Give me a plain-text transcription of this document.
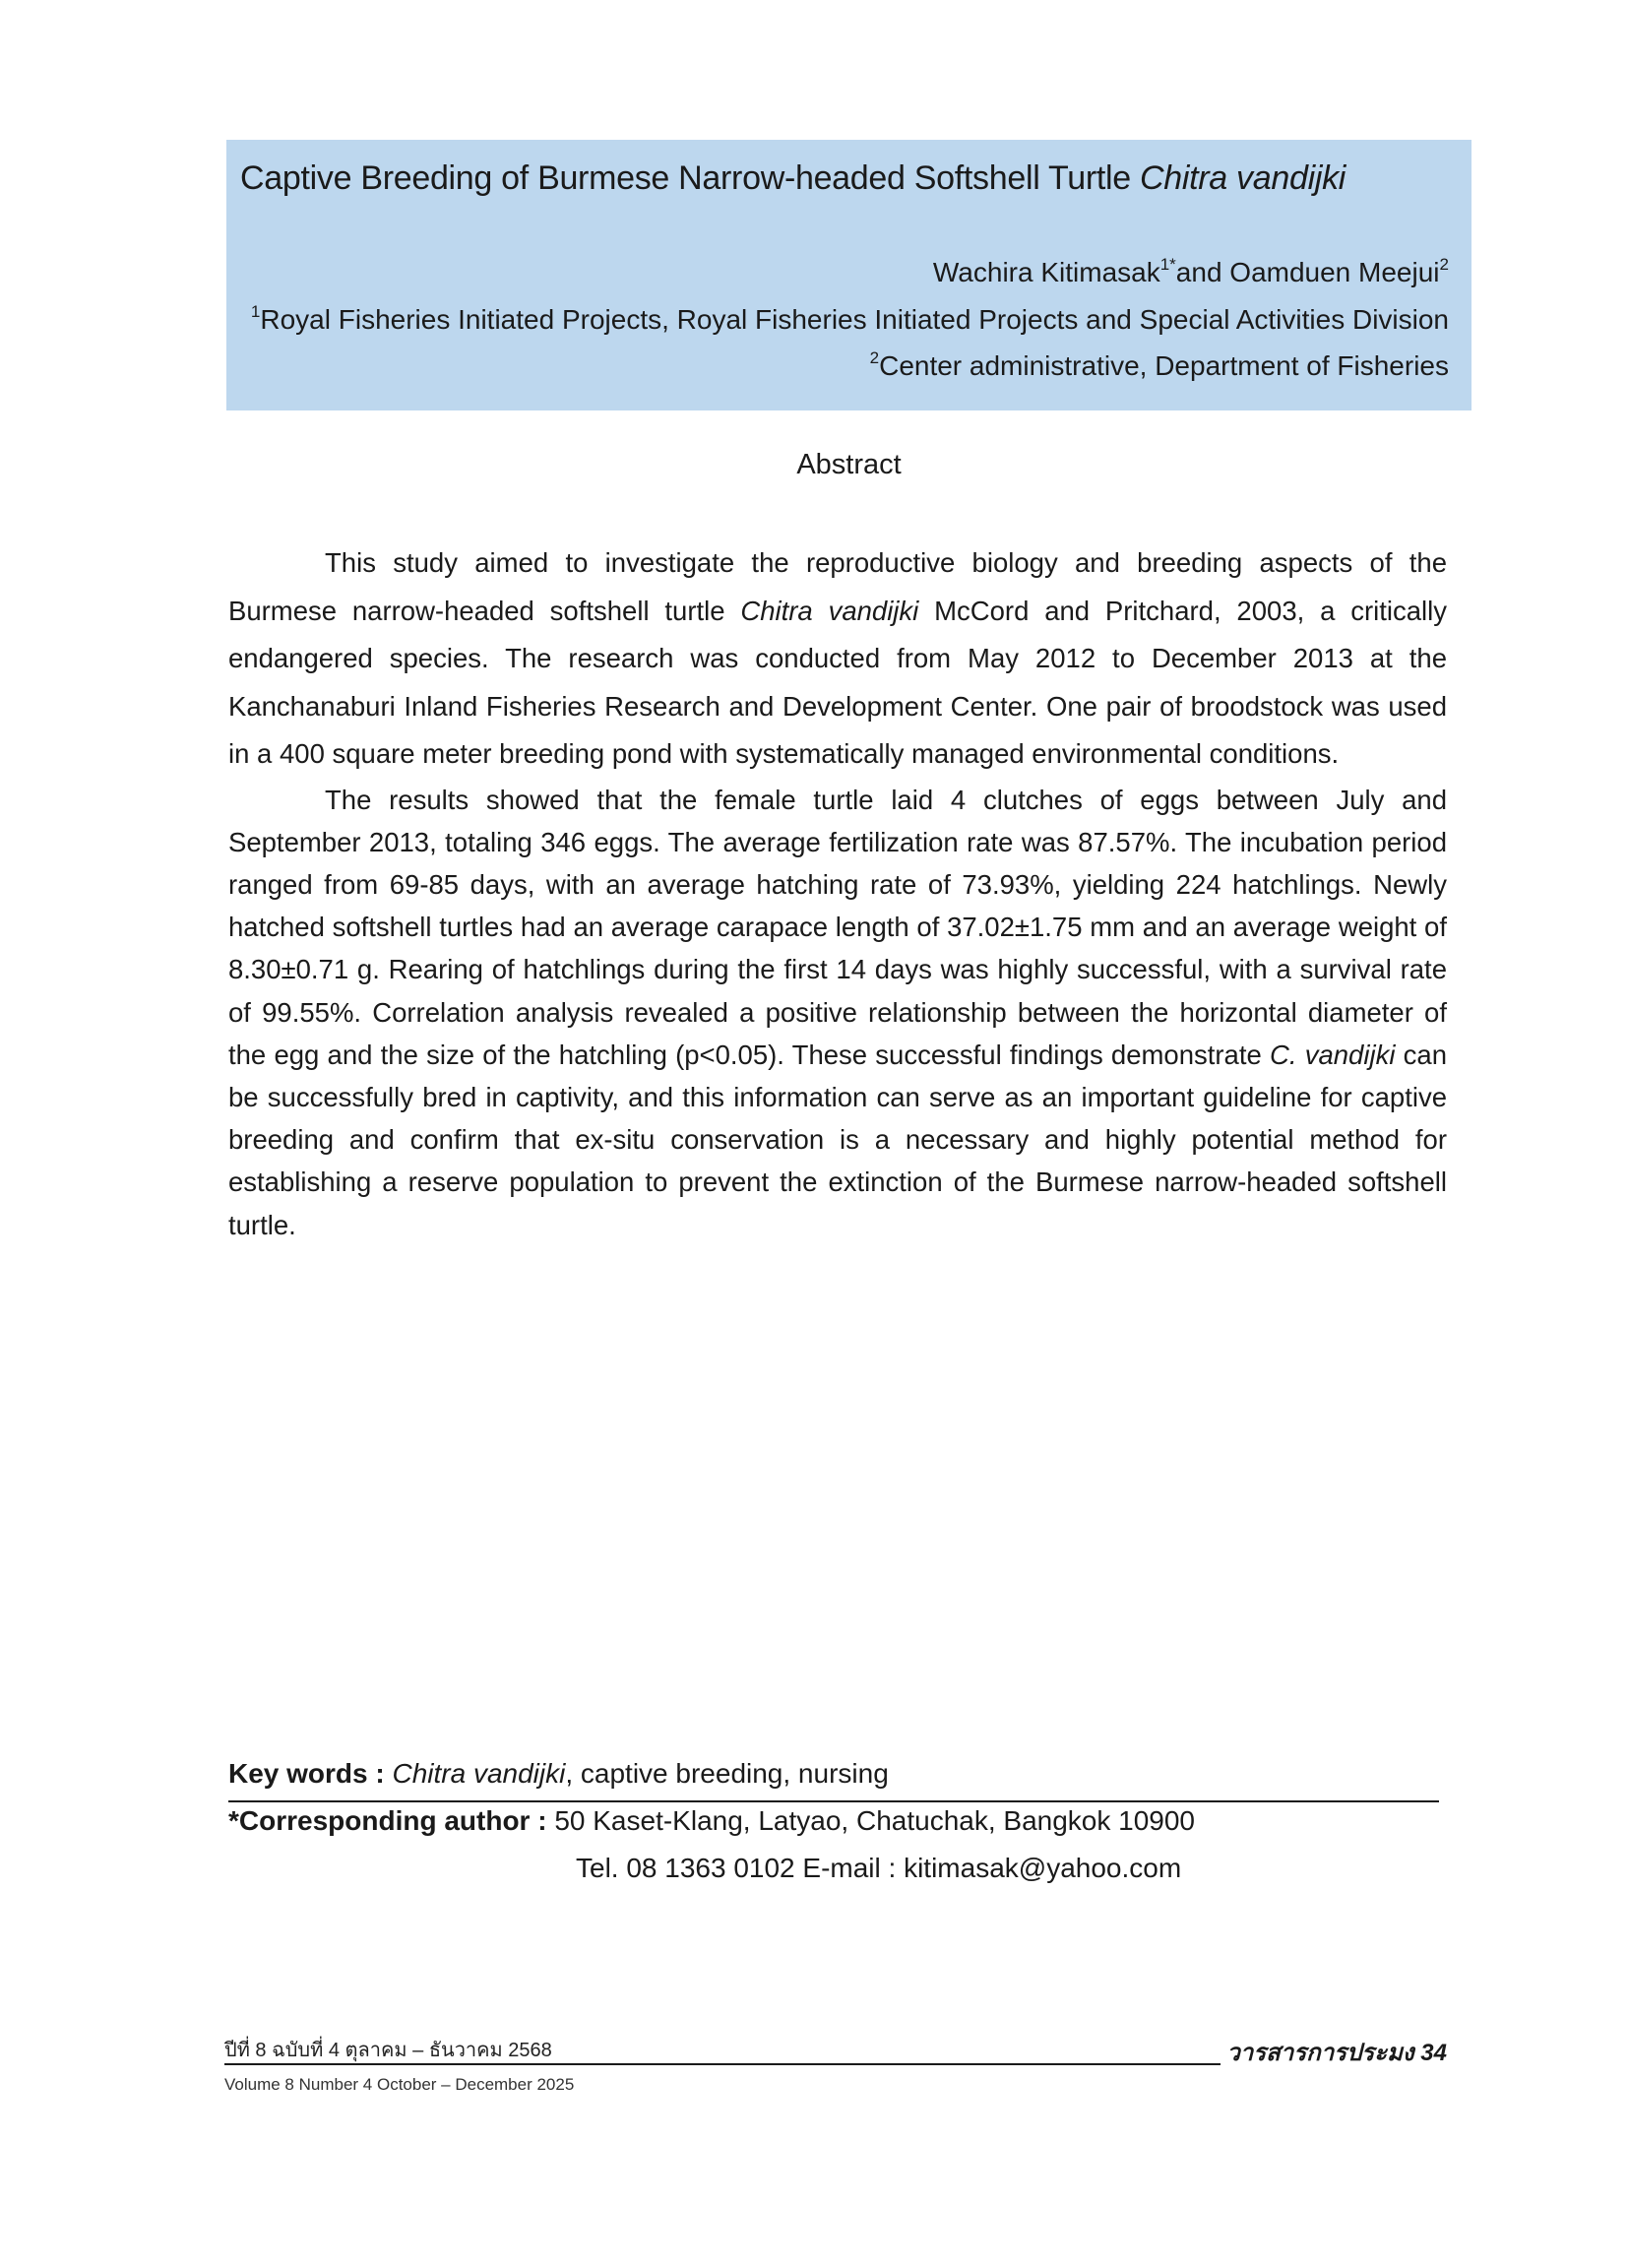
Captive Breeding of Burmese Narrow-headed Softshell Turtle Chitra vandijki
Wachira Kitimasak$^{1*}$and Oamduen Meejui$^2$
$^1$Royal Fisheries Initiated Projects, Royal Fisheries Initiated Projects and Special Activities Division
$^2$Center administrative, Department of Fisheries
Abstract

This study aimed to investigate the reproductive biology and breeding aspects of the Burmese narrow-headed softshell turtle Chitra vandijki McCord and Pritchard, 2003, a critically endangered species. The research was conducted from May 2012 to December 2013 at the Kanchanaburi Inland Fisheries Research and Development Center. One pair of broodstock was used in a 400 square meter breeding pond with systematically managed environmental conditions.

The results showed that the female turtle laid 4 clutches of eggs between July and September 2013, totaling 346 eggs. The average fertilization rate was 87.57%. The incubation period ranged from 69-85 days, with an average hatching rate of 73.93%, yielding 224 hatchlings. Newly hatched softshell turtles had an average carapace length of 37.02±1.75 mm and an average weight of 8.30±0.71 g. Rearing of hatchlings during the first 14 days was highly successful, with a survival rate of 99.55%. Correlation analysis revealed a positive relationship between the horizontal diameter of the egg and the size of the hatchling (p<0.05). These successful findings demonstrate C. vandijki can be successfully bred in captivity, and this information can serve as an important guideline for captive breeding and confirm that ex-situ conservation is a necessary and highly potential method for establishing a reserve population to prevent the extinction of the Burmese narrow-headed softshell turtle.

Key words : Chitra vandijki, captive breeding, nursing
*Corresponding author : 50 Kaset-Klang, Latyao, Chatuchak, Bangkok 10900
Tel. 08 1363 0102 E-mail : kitimasak@yahoo.com
ปีที่ 8 ฉบับที่ 4 ตุลาคม – ธันวาคม 2568	วารสารการประมง 34
Volume 8 Number 4 October – December 2025
